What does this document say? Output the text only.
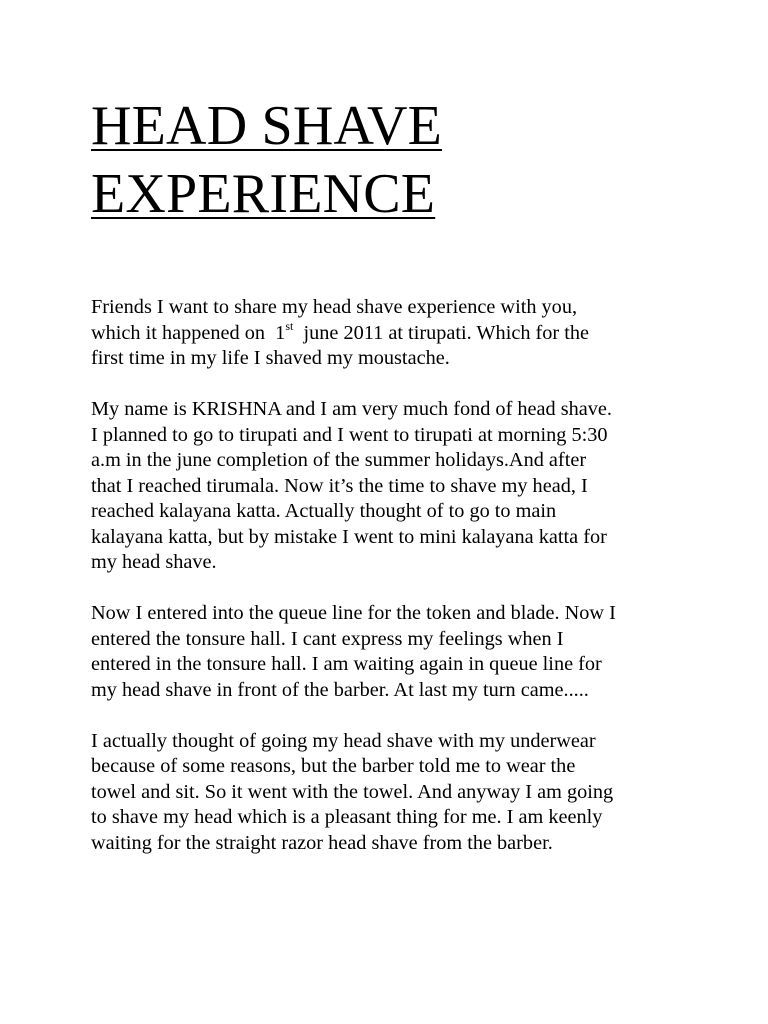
HEAD SHAVE
EXPERIENCE

Friends I want to share my head shave experience with you,
which it happened on  1st  june 2011 at tirupati. Which for the
first time in my life I shaved my moustache.

My name is KRISHNA and I am very much fond of head shave.
I planned to go to tirupati and I went to tirupati at morning 5:30
a.m in the june completion of the summer holidays.And after
that I reached tirumala. Now it’s the time to shave my head, I
reached kalayana katta. Actually thought of to go to main
kalayana katta, but by mistake I went to mini kalayana katta for
my head shave.

Now I entered into the queue line for the token and blade. Now I
entered the tonsure hall. I cant express my feelings when I
entered in the tonsure hall. I am waiting again in queue line for
my head shave in front of the barber. At last my turn came.....

I actually thought of going my head shave with my underwear
because of some reasons, but the barber told me to wear the
towel and sit. So it went with the towel. And anyway I am going
to shave my head which is a pleasant thing for me. I am keenly
waiting for the straight razor head shave from the barber.
